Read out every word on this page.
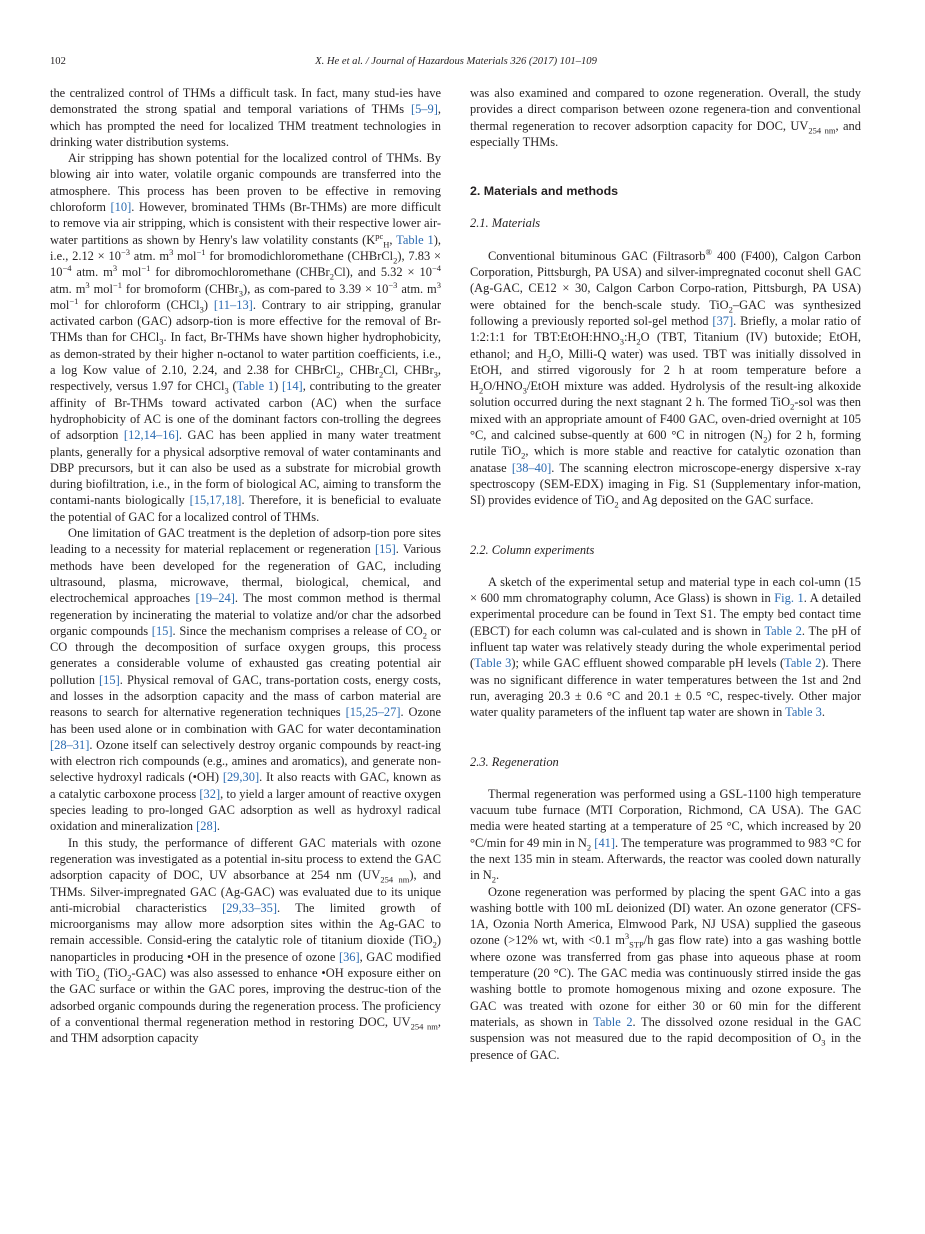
102	X. He et al. / Journal of Hazardous Materials 326 (2017) 101–109

the centralized control of THMs a difficult task. In fact, many stud-ies have demonstrated the strong spatial and temporal variations of THMs [5–9], which has prompted the need for localized THM treatment technologies in drinking water distribution systems.

Air stripping has shown potential for the localized control of THMs. By blowing air into water, volatile organic compounds are transferred into the atmosphere. This process has been proven to be effective in removing chloroform [10]. However, brominated THMs (Br-THMs) are more difficult to remove via air stripping, which is consistent with their respective lower air-water partitions as shown by Henry's law volatility constants ($K^{pc}_H$, Table 1), i.e., $2.12 \times 10^{-3}$ atm. $m^3$ mol$^{-1}$ for bromodichloromethane (CHBrCl$_2$), $7.83 \times 10^{-4}$ atm. $m^3$ mol$^{-1}$ for dibromochloromethane (CHBr$_2$Cl), and $5.32 \times 10^{-4}$ atm. $m^3$ mol$^{-1}$ for bromoform (CHBr$_3$), as com-pared to $3.39 \times 10^{-3}$ atm. $m^3$ mol$^{-1}$ for chloroform (CHCl$_3$) [11–13]. Contrary to air stripping, granular activated carbon (GAC) adsorp-tion is more effective for the removal of Br-THMs than for CHCl$_3$. In fact, Br-THMs have shown higher hydrophobicity, as demon-strated by their higher n-octanol to water partition coefficients, i.e., a log Kow value of 2.10, 2.24, and 2.38 for CHBrCl$_2$, CHBr$_2$Cl, CHBr$_3$, respectively, versus 1.97 for CHCl$_3$ (Table 1) [14], contributing to the greater affinity of Br-THMs toward activated carbon (AC) when the surface hydrophobicity of AC is one of the dominant factors con-trolling the degrees of adsorption [12,14–16]. GAC has been applied in many water treatment plants, generally for a physical adsorptive removal of water contaminants and DBP precursors, but it can also be used as a substrate for microbial growth during biofiltration, i.e., in the form of biological AC, aiming to transform the contami-nants biologically [15,17,18]. Therefore, it is beneficial to evaluate the potential of GAC for a localized control of THMs.

One limitation of GAC treatment is the depletion of adsorp-tion pore sites leading to a necessity for material replacement or regeneration [15]. Various methods have been developed for the regeneration of GAC, including ultrasound, plasma, microwave, thermal, biological, chemical, and electrochemical approaches [19–24]. The most common method is thermal regeneration by incinerating the material to volatize and/or char the adsorbed organic compounds [15]. Since the mechanism comprises a release of $CO_2$ or CO through the decomposition of surface oxygen groups, this process generates a considerable volume of exhausted gas creating potential air pollution [15]. Physical removal of GAC, trans-portation costs, energy costs, and losses in the adsorption capacity and the mass of carbon material are reasons to search for alternative regeneration techniques [15,25–27]. Ozone has been used alone or in combination with GAC for water decontamination [28–31]. Ozone itself can selectively destroy organic compounds by react-ing with electron rich compounds (e.g., amines and aromatics), and generate non-selective hydroxyl radicals (•OH) [29,30]. It also reacts with GAC, known as a catalytic carboxone process [32], to yield a larger amount of reactive oxygen species leading to pro-longed GAC adsorption as well as hydroxyl radical oxidation and mineralization [28].

In this study, the performance of different GAC materials with ozone regeneration was investigated as a potential in-situ process to extend the GAC adsorption capacity of DOC, UV absorbance at 254 nm $(UV_{254 nm})$, and THMs. Silver-impregnated GAC (Ag-GAC) was evaluated due to its unique anti-microbial characteristics [29,33–35]. The limited growth of microorganisms may allow more adsorption sites within the Ag-GAC to remain accessible. Consid-ering the catalytic role of titanium dioxide (TiO$_2$) nanoparticles in producing •OH in the presence of ozone [36], GAC modified with TiO$_2$ (TiO$_2$-GAC) was also assessed to enhance •OH exposure either on the GAC surface or within the GAC pores, improving the destruc-tion of the adsorbed organic compounds during the regeneration process. The proficiency of a conventional thermal regeneration method in restoring DOC, $UV_{254 nm}$, and THM adsorption capacity

was also examined and compared to ozone regeneration. Overall, the study provides a direct comparison between ozone regenera-tion and conventional thermal regeneration to recover adsorption capacity for DOC, $UV_{254 nm}$, and especially THMs.

2. Materials and methods

2.1. Materials

Conventional bituminous GAC (Filtrasorb® 400 (F400), Calgon Carbon Corporation, Pittsburgh, PA USA) and silver-impregnated coconut shell GAC (Ag-GAC, CE12 × 30, Calgon Carbon Corpo-ration, Pittsburgh, PA USA) were obtained for the bench-scale study. TiO$_2$–GAC was synthesized following a previously reported sol-gel method [37]. Briefly, a molar ratio of 1:2:1:1 for $TBT:EtOH:HNO_3:H_2O$ (TBT, Titanium (IV) butoxide; EtOH, ethanol; and $H_2O$, Milli-Q water) was used. TBT was initially dissolved in EtOH, and stirred vigorously for 2 h at room temperature before a $H_2O/HNO_3$/EtOH mixture was added. Hydrolysis of the result-ing alkoxide solution occurred during the next stagnant 2 h. The formed TiO$_2$-sol was then mixed with an appropriate amount of F400 GAC, oven-dried overnight at 105 °C, and calcined subse-quently at 600 °C in nitrogen $(N_2)$ for 2 h, forming rutile TiO$_2$, which is more stable and reactive for catalytic ozonation than anatase [38–40]. The scanning electron microscope-energy dispersive x-ray spectroscopy (SEM-EDX) imaging in Fig. S1 (Supplementary infor-mation, SI) provides evidence of TiO$_2$ and Ag deposited on the GAC surface.

2.2. Column experiments

A sketch of the experimental setup and material type in each col-umn (15 × 600 mm chromatography column, Ace Glass) is shown in Fig. 1. A detailed experimental procedure can be found in Text S1. The empty bed contact time (EBCT) for each column was cal-culated and is shown in Table 2. The pH of influent tap water was relatively steady during the whole experimental period (Table 3); while GAC effluent showed comparable pH levels (Table 2). There was no significant difference in water temperatures between the 1st and 2nd run, averaging 20.3 ± 0.6 °C and 20.1 ± 0.5 °C, respec-tively. Other major water quality parameters of the influent tap water are shown in Table 3.

2.3. Regeneration

Thermal regeneration was performed using a GSL-1100 high temperature vacuum tube furnace (MTI Corporation, Richmond, CA USA). The GAC media were heated starting at a temperature of 25 °C, which increased by 20 °C/min for 49 min in $N_2$ [41]. The temperature was programmed to 983 °C for the next 135 min in steam. Afterwards, the reactor was cooled down naturally in $N_2$.

Ozone regeneration was performed by placing the spent GAC into a gas washing bottle with 100 mL deionized (DI) water. An ozone generator (CFS-1A, Ozonia North America, Elmwood Park, NJ USA) supplied the gaseous ozone (>12% wt, with <0.1 $m^3_{STP}/h$ gas flow rate) into a gas washing bottle where ozone was transferred from gas phase into aqueous phase at room temperature (20 °C). The GAC media was continuously stirred inside the gas washing bottle to promote homogenous mixing and ozone exposure. The GAC was treated with ozone for either 30 or 60 min for the different materials, as shown in Table 2. The dissolved ozone residual in the GAC suspension was not measured due to the rapid decomposition of $O_3$ in the presence of GAC.
